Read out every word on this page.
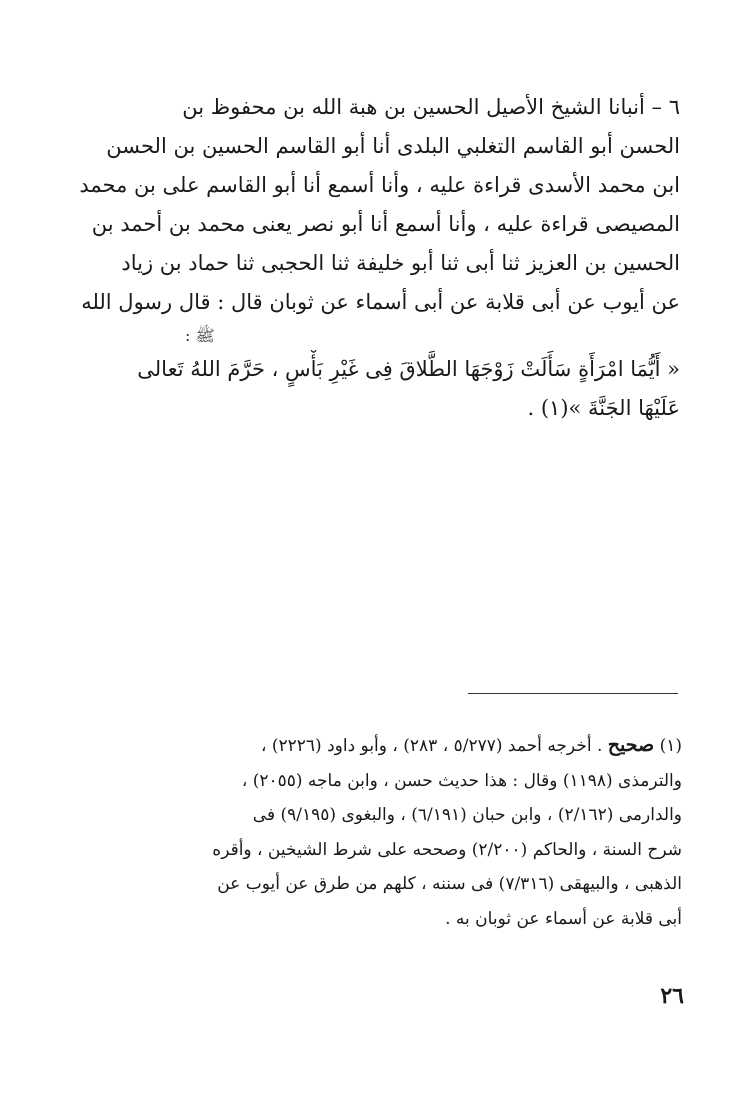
٦ – أنبانا الشيخ الأصيل الحسين بن هبة الله بن محفوظ بن
الحسن أبو القاسم التغلبي البلدى أنا أبو القاسم الحسين بن الحسن
ابن محمد الأسدى قراءة عليه ، وأنا أسمع أنا أبو القاسم على بن محمد
المصيصى قراءة عليه ، وأنا أسمع أنا أبو نصر يعنى محمد بن أحمد بن
الحسين بن العزيز ثنا أبى ثنا أبو خليفة ثنا الحجبى ثنا حماد بن زياد
عن أيوب عن أبى قلابة عن أبى أسماء عن ثوبان قال : قال رسول الله
ﷺ :
« أَيُّمَا امْرَأَةٍ سَأَلَتْ زَوْجَهَا الطَّلاقَ فِى غَيْرِ بَأْسٍ ، حَرَّمَ اللهُ تَعالى
عَلَيْهَا الجَنَّةَ »(١) .
(١) صحيح . أخرجه أحمد (٥/٢٧٧ ، ٢٨٣) ، وأبو داود (٢٢٢٦) ،
والترمذى (١١٩٨) وقال : هذا حديث حسن ، وابن ماجه (٢٠٥٥) ،
والدارمى (٢/١٦٢) ، وابن حبان (٦/١٩١) ، والبغوى (٩/١٩٥) فى
شرح السنة ، والحاكم (٢/٢٠٠) وصححه على شرط الشيخين ، وأقره
الذهبى ، والبيهقى (٧/٣١٦) فى سننه ، كلهم من طرق عن أيوب عن
أبى قلابة عن أسماء عن ثوبان به .
٢٦
